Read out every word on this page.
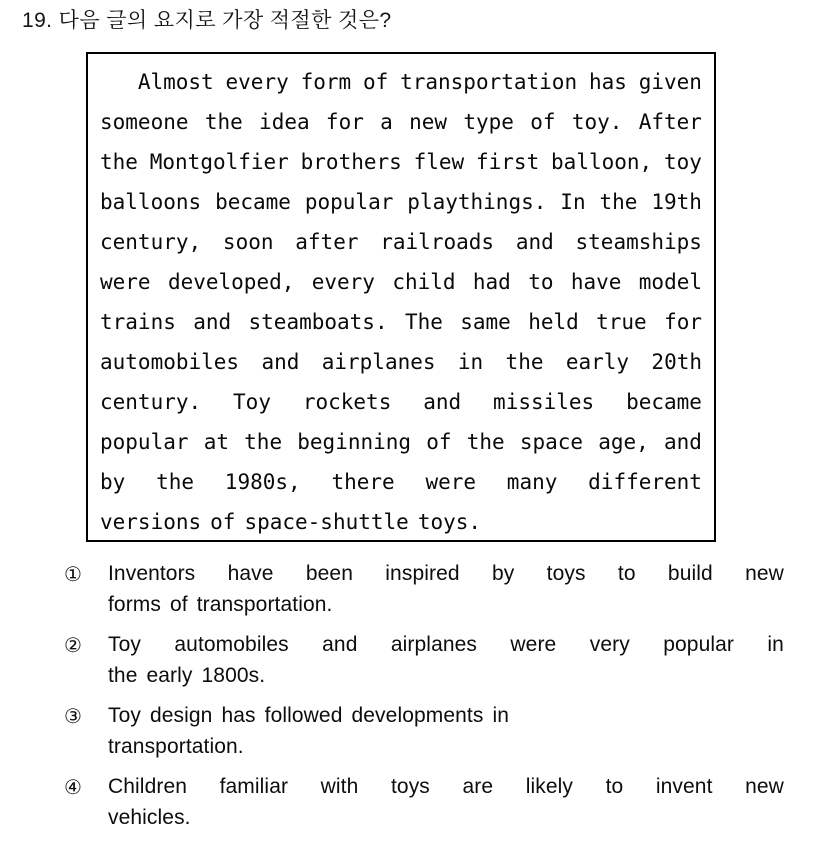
19. 다음 글의 요지로 가장 적절한 것은?
Almost every form of transportation has given
someone the idea for a new type of toy. After
the Montgolfier brothers flew first balloon, toy
balloons became popular playthings. In the 19th
century, soon after railroads and steamships
were developed, every child had to have model
trains and steamboats. The same held true for
automobiles and airplanes in the early 20th
century. Toy rockets and missiles became
popular at the beginning of the space age, and
by the 1980s, there were many different
versions of space-shuttle toys.
①	Inventors have been inspired by toys to build new
forms of transportation.
②	Toy automobiles and airplanes were very popular in
the early 1800s.
③	Toy design has followed developments in
transportation.
④	Children familiar with toys are likely to invent new
vehicles.
